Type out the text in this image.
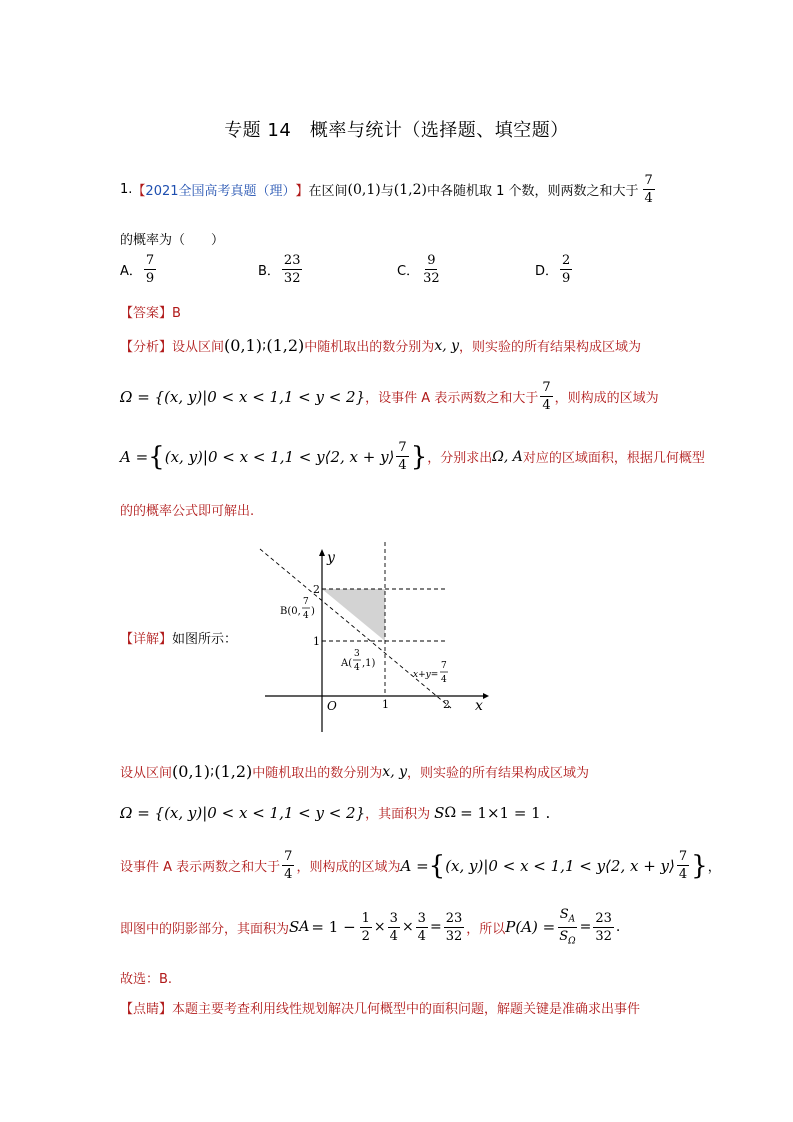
专题 14　概率与统计（选择题、填空题）
1. 【 2021全国高考真题（理） 】 在区间 (0,1) 与 (1,2) 中各随机取 1 个数，则两数之和大于 $\frac{7}{4}$
的概率为（　　）
A． $\frac{7}{9}$	B． $\frac{23}{32}$	C． $\frac{9}{32}$	D． $\frac{2}{9}$
【答案】B
【分析】 设从区间 (0,1) ; (1,2) 中随机取出的数分别为 x, y ，则实验的所有结果构成区域为
Ω = {(x, y)|0 < x < 1,1 < y < 2} ，设事件 A 表示两数之和大于 $\frac{7}{4}$ ，则构成的区域为
A = { (x, y)|0 < x < 1,1 < y⟨2, x + y⟩ $\frac{7}{4}$ } ，分别求出 Ω, A 对应的区域面积，根据几何概型
的的概率公式即可解出.
【详解】如图所示：
y
x
O	1	2
1
2
B(0,
7
4 )
A(
3
4 ,1)
x+y=
7
4
设从区间 (0,1) ; (1,2) 中随机取出的数分别为 x, y ，则实验的所有结果构成区域为
Ω = {(x, y)|0 < x < 1,1 < y < 2} ，其面积为 S Ω = 1×1 = 1 .
设事件 A 表示两数之和大于 $\frac{7}{4}$ ，则构成的区域为 A = { (x, y)|0 < x < 1,1 < y⟨2, x + y⟩ $\frac{7}{4}$ } ，
即图中的阴影部分，其面积为 S $A = 1 - \frac{1}{2} \times \frac{3}{4} \times \frac{3}{4} = \frac{23}{32}$ ，所以 $P(A) = \frac{S_A}{S_\Omega} = \frac{23}{32}$ .
故选：B.
【点睛】本题主要考查利用线性规划解决几何概型中的面积问题，解题关键是准确求出事件
